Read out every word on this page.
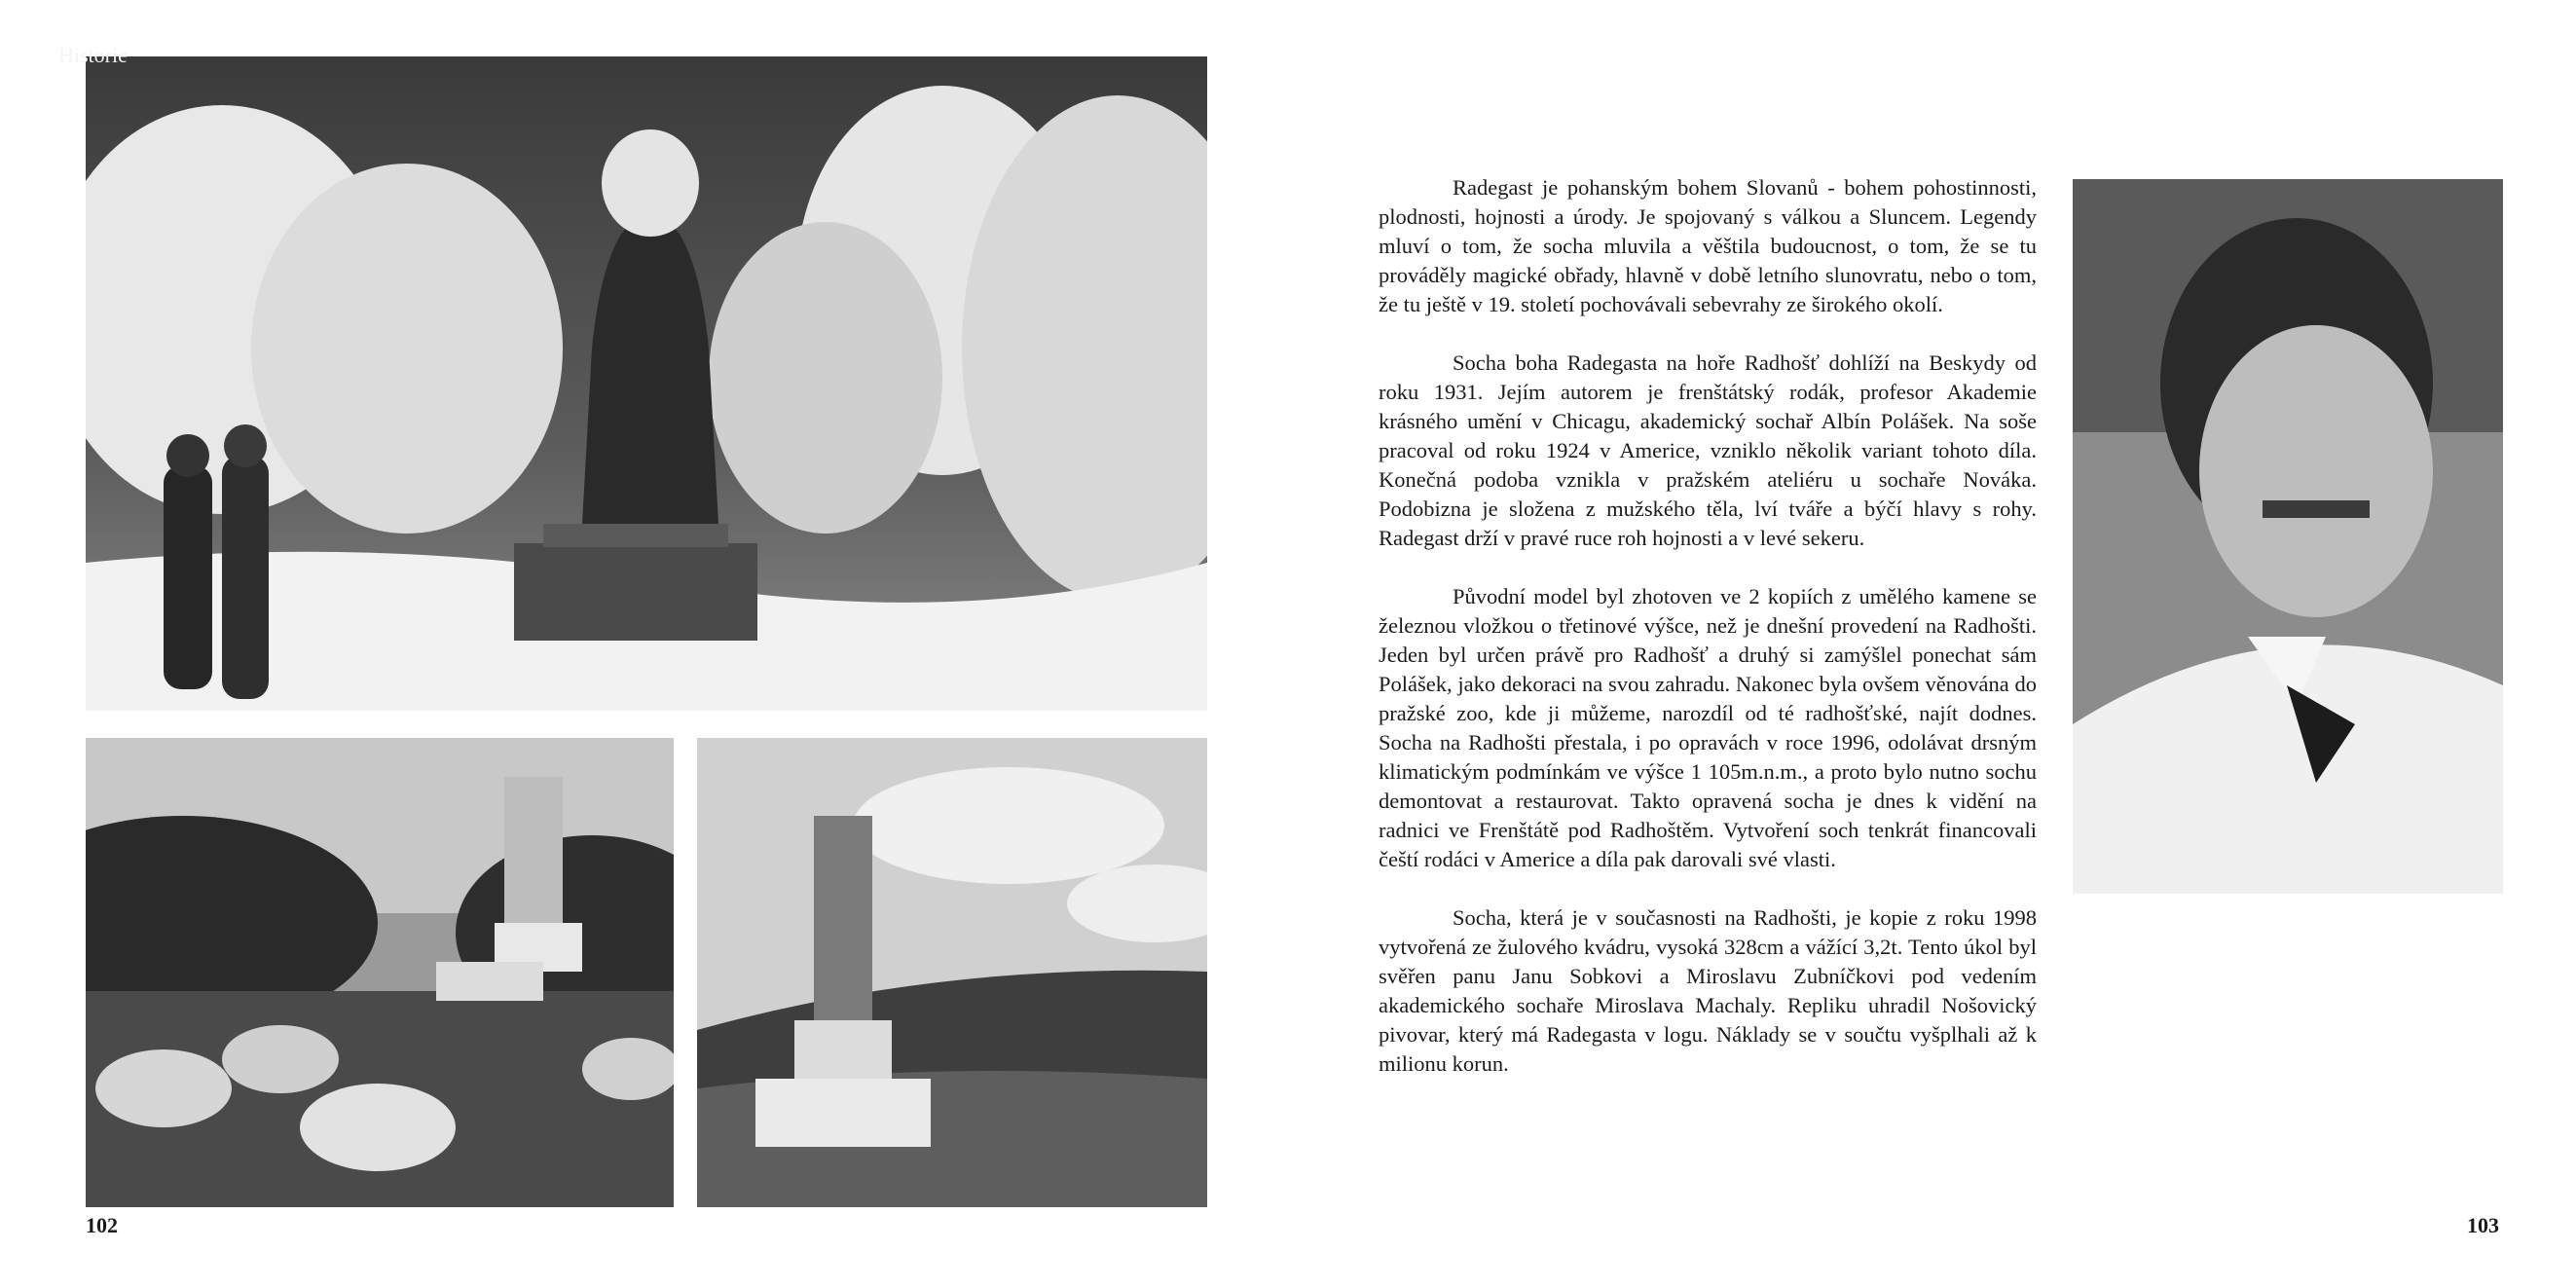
Historie

Radegast je pohanským bohem Slovanů - bohem pohostinnosti, plodnosti, hojnosti a úrody. Je spojovaný s válkou a Sluncem. Legendy mluví o tom, že socha mluvila a věštila budoucnost, o tom, že se tu prováděly magické obřady, hlavně v době letního slunovratu, nebo o tom, že tu ještě v 19. století pochovávali sebevrahy ze širokého okolí.

Socha boha Radegasta na hoře Radhošť dohlíží na Beskydy od roku 1931. Jejím autorem je frenštátský rodák, profesor Akademie krásného umění v Chicagu, akademický sochař Albín Polášek. Na soše pracoval od roku 1924 v Americe, vzniklo několik variant tohoto díla. Konečná podoba vznikla v pražském ateliéru u sochaře Nováka. Podobizna je složena z mužského těla, lví tváře a býčí hlavy s rohy. Radegast drží v pravé ruce roh hojnosti a v levé sekeru.

Původní model byl zhotoven ve 2 kopiích z umělého kamene se železnou vložkou o třetinové výšce, než je dnešní provedení na Radhošti. Jeden byl určen právě pro Radhošť a druhý si zamýšlel ponechat sám Polášek, jako dekoraci na svou zahradu. Nakonec byla ovšem věnována do pražské zoo, kde ji můžeme, narozdíl od té radhošťské, najít dodnes. Socha na Radhošti přestala, i po opravách v roce 1996, odolávat drsným klimatickým podmínkám ve výšce 1 105m.n.m., a proto bylo nutno sochu demontovat a restaurovat. Takto opravená socha je dnes k vidění na radnici ve Frenštátě pod Radhoštěm. Vytvoření soch tenkrát financovali čeští rodáci v Americe a díla pak darovali své vlasti.

Socha, která je v současnosti na Radhošti, je kopie z roku 1998 vytvořená ze žulového kvádru, vysoká 328cm a vážící 3,2t. Tento úkol byl svěřen panu Janu Sobkovi a Miroslavu Zubníčkovi pod vedením akademického sochaře Miroslava Machaly. Repliku uhradil Nošovický pivovar, který má Radegasta v logu. Náklady se v součtu vyšplhali až k milionu korun.

102	103
